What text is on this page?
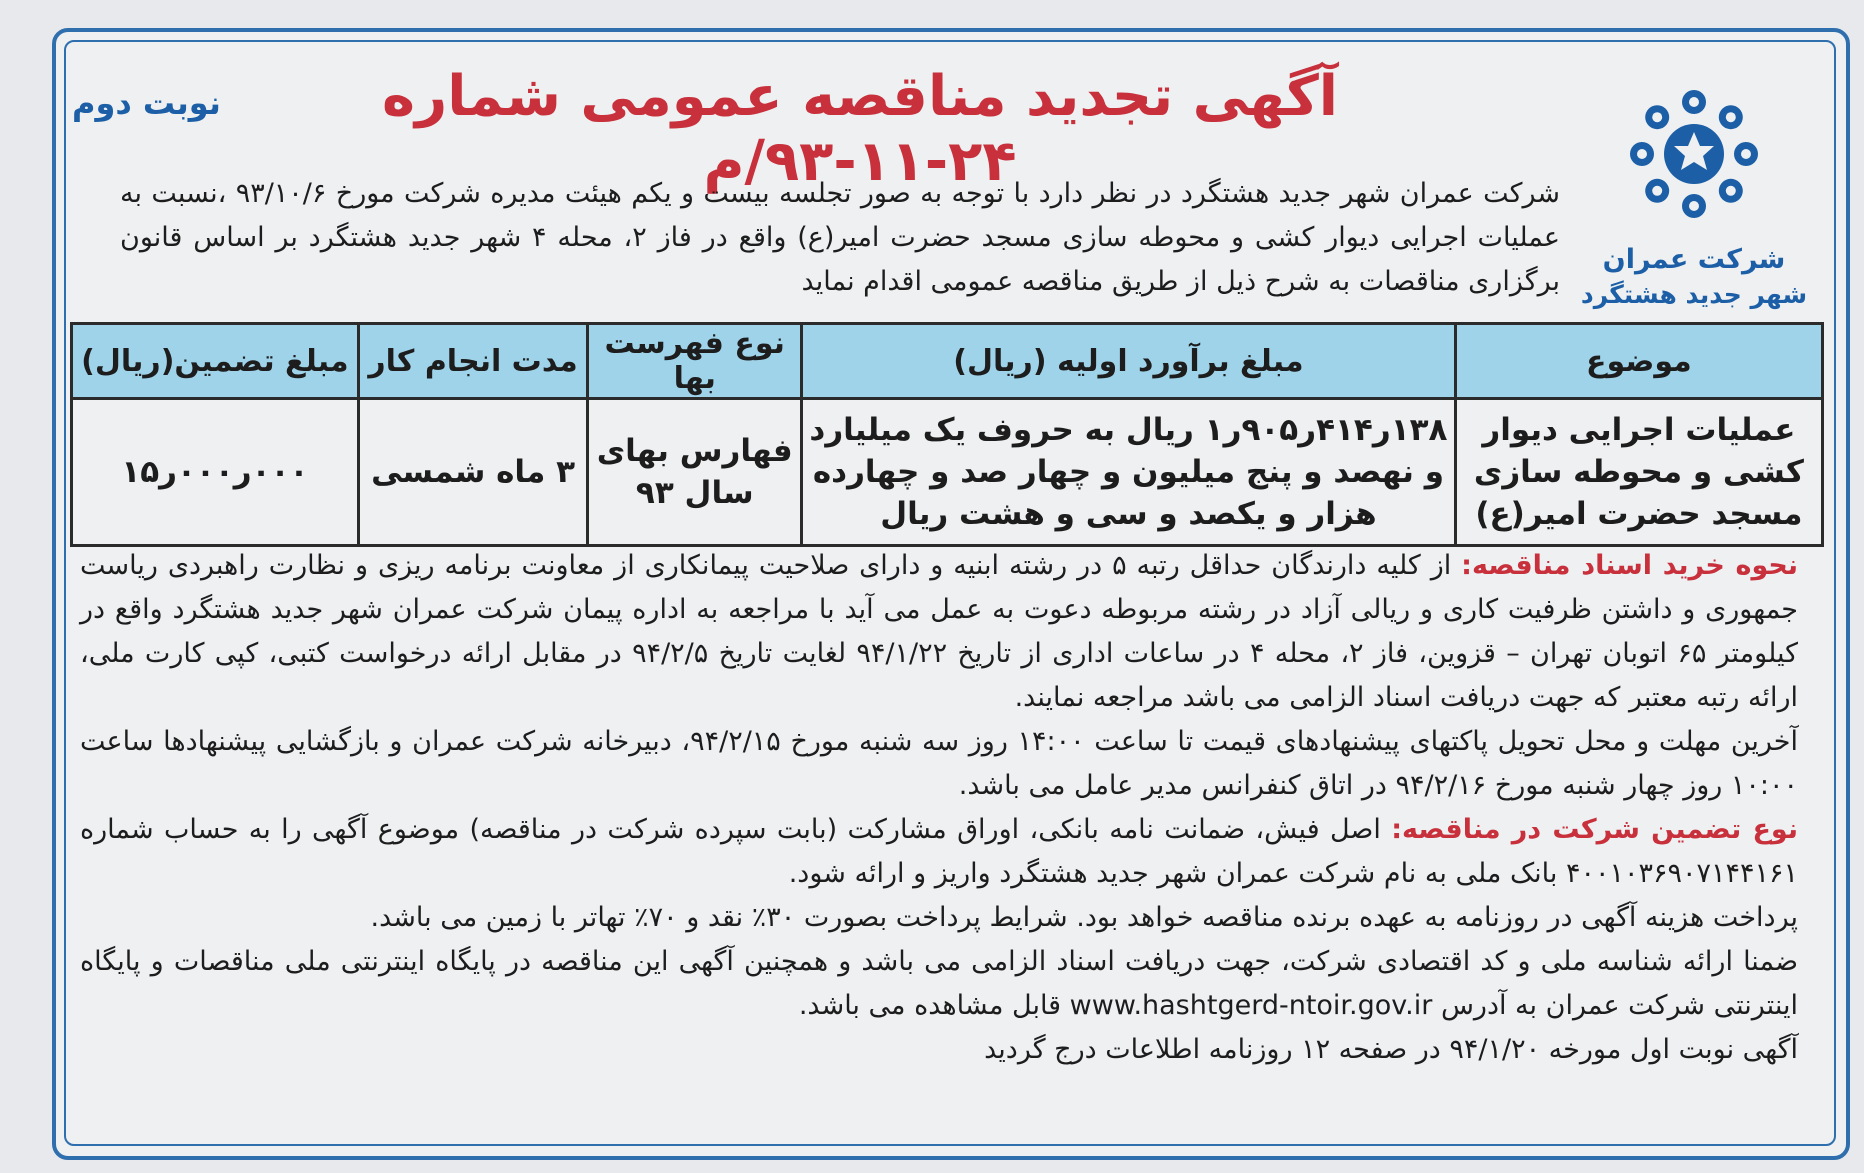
شرکت عمران
شهر جدید هشتگرد
آگهی تجدید مناقصه عمومی شماره ۲۴-۱۱-۹۳/م
نوبت دوم
شرکت عمران شهر جدید هشتگرد در نظر دارد با توجه به صور تجلسه بیست و یکم هیئت مدیره شرکت مورخ ۹۳/۱۰/۶ ،نسبت به عملیات اجرایی دیوار کشی و محوطه سازی مسجد حضرت امیر(ع) واقع در فاز ۲، محله ۴ شهر جدید هشتگرد بر اساس قانون برگزاری مناقصات به شرح ذیل از طریق مناقصه عمومی اقدام نماید
موضوع	مبلغ برآورد اولیه (ریال)	نوع فهرست بها	مدت انجام کار	مبلغ تضمین(ریال)
عملیات اجرایی دیوار کشی و محوطه سازی مسجد حضرت امیر(ع)	۱۳۸ر۴۱۴ر۹۰۵ر۱ ریال به حروف یک میلیارد و نهصد و پنج میلیون و چهار صد و چهارده هزار و یکصد و سی و هشت ریال	فهارس بهای سال ۹۳	۳ ماه شمسی	۰۰۰ر۰۰۰ر۱۵
نحوه خرید اسناد مناقصه: از کلیه دارندگان حداقل رتبه ۵ در رشته ابنیه و دارای صلاحیت پیمانکاری از معاونت برنامه ریزی و نظارت راهبردی ریاست جمهوری و داشتن ظرفیت کاری و ریالی آزاد در رشته مربوطه دعوت به عمل می آید با مراجعه به اداره پیمان شرکت عمران شهر جدید هشتگرد واقع در کیلومتر ۶۵ اتوبان تهران – قزوین، فاز ۲، محله ۴ در ساعات اداری از تاریخ ۹۴/۱/۲۲ لغایت تاریخ ۹۴/۲/۵ در مقابل ارائه درخواست کتبی، کپی کارت ملی، ارائه رتبه معتبر که جهت دریافت اسناد الزامی می باشد مراجعه نمایند.
آخرین مهلت و محل تحویل پاکتهای پیشنهادهای قیمت تا ساعت ۱۴:۰۰ روز سه شنبه مورخ ۹۴/۲/۱۵، دبیرخانه شرکت عمران و بازگشایی پیشنهادها ساعت ۱۰:۰۰ روز چهار شنبه مورخ ۹۴/۲/۱۶ در اتاق کنفرانس مدیر عامل می باشد.
نوع تضمین شرکت در مناقصه: اصل فیش، ضمانت نامه بانکی، اوراق مشارکت (بابت سپرده شرکت در مناقصه) موضوع آگهی را به حساب شماره ۴۰۰۱۰۳۶۹۰۷۱۴۴۱۶۱ بانک ملی به نام شرکت عمران شهر جدید هشتگرد واریز و ارائه شود.
پرداخت هزینه آگهی در روزنامه به عهده برنده مناقصه خواهد بود. شرایط پرداخت بصورت ۳۰٪ نقد و ۷۰٪ تهاتر با زمین می باشد.
ضمنا ارائه شناسه ملی و کد اقتصادی شرکت، جهت دریافت اسناد الزامی می باشد و همچنین آگهی این مناقصه در پایگاه اینترنتی ملی مناقصات و پایگاه اینترنتی شرکت عمران به آدرس www.hashtgerd-ntoir.gov.ir قابل مشاهده می باشد.
آگهی نوبت اول مورخه ۹۴/۱/۲۰ در صفحه ۱۲ روزنامه اطلاعات درج گردید
